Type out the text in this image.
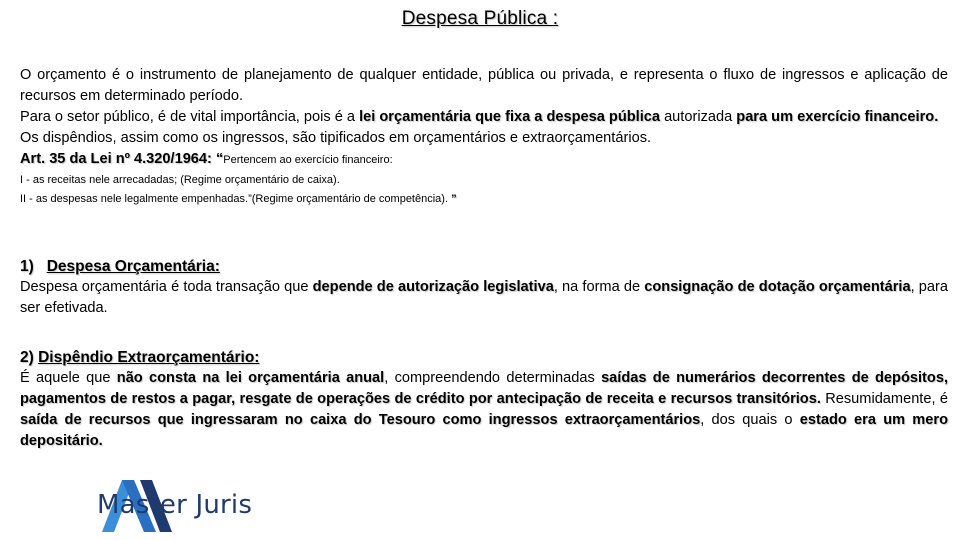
Despesa Pública :

O orçamento é o instrumento de planejamento de qualquer entidade, pública ou privada, e representa o fluxo de ingressos e aplicação de recursos em determinado período.

Para o setor público, é de vital importância, pois é a lei orçamentária que fixa a despesa pública autorizada para um exercício financeiro.

Os dispêndios, assim como os ingressos, são tipificados em orçamentários e extraorçamentários.

Art. 35 da Lei nº 4.320/1964: “Pertencem ao exercício financeiro:

I - as receitas nele arrecadadas; (Regime orçamentário de caixa).

II - as despesas nele legalmente empenhadas.”(Regime orçamentário de competência). ”

1) Despesa Orçamentária:

Despesa orçamentária é toda transação que depende de autorização legislativa, na forma de consignação de dotação orçamentária, para ser efetivada.

2) Dispêndio Extraorçamentário:

É aquele que não consta na lei orçamentária anual, compreendendo determinadas saídas de numerários decorrentes de depósitos, pagamentos de restos a pagar, resgate de operações de crédito por antecipação de receita e recursos transitórios. Resumidamente, é saída de recursos que ingressaram no caixa do Tesouro como ingressos extraorçamentários, dos quais o estado era um mero depositário.

Master Juris
